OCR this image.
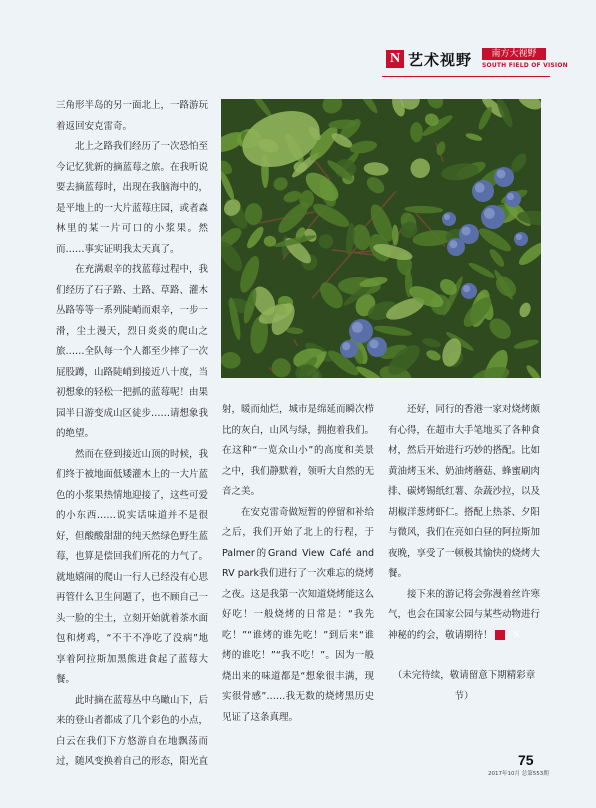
N 艺术视野	南方大视野
SOUTH FIELD OF VISION

三角形半岛的另一面北上，一路游玩着返回安克雷奇。

北上之路我们经历了一次恐怕至今记忆犹新的摘蓝莓之旅。在我听说要去摘蓝莓时，出现在我脑海中的，是平地上的一大片蓝莓庄园，或者森林里的某一片可口的小浆果。然而……事实证明我太天真了。

在充满艰辛的找蓝莓过程中，我们经历了石子路、土路、草路、灌木丛路等等一系列陡峭而艰辛，一步一滑，尘土漫天，烈日炎炎的爬山之旅……全队每一个人都至少摔了一次屁股蹲，山路陡峭到接近八十度，当初想象的轻松一把抓的蓝莓呢！由果园半日游变成山区徒步……请想象我的绝望。

然而在登到接近山顶的时候，我们终于被地面低矮灌木上的一大片蓝色的小浆果热情地迎接了，这些可爱的小东西……说实话味道并不是很好，但酸酸甜甜的纯天然绿色野生蓝莓，也算是偿回我们所花的力气了。就地嬉闹的爬山一行人已经没有心思再管什么卫生问题了，也不顾自己一头一脸的尘土，立刻开始就着茶水面包和烤鸡，“不干不净吃了没病”地享着阿拉斯加黑熊进食起了蓝莓大餐。

此时摘在蓝莓丛中乌瞰山下，后来的登山者都成了几个彩色的小点，白云在我们下方悠游自在地飘荡而过，随风变换着自己的形态，阳光直

射，暖而灿烂，城市是绵延而瞬次栉比的灰白，山风与绿，拥抱着我们。在这种“一览众山小”的高度和美景之中，我们静默着，领听大自然的无音之美。

在安克雷奇做短暂的停留和补给之后，我们开始了北上的行程，于Palmer的Grand View Café and RV park我们进行了一次难忘的烧烤之夜。这是我第一次知道烧烤能这么好吃！一般烧烤的日常是：“我先吃！”“谁烤的谁先吃！”到后来“谁烤的谁吃！”“我不吃！”。因为一般烧出来的味道都是“想象很丰满，现实很骨感”……我无数的烧烤黑历史见证了这条真理。

还好，同行的香港一家对烧烤颇有心得，在超市大手笔地买了各种食材，然后开始进行巧妙的搭配。比如黄油烤玉米、奶油烤蘑菇、蜂蜜刷肉排、碳烤锡纸红薯、杂蔬沙拉，以及胡椒洋葱烤虾仁。搭配上热茶、夕阳与微风，我们在亮如白昼的阿拉斯加夜晚，享受了一顿极其愉快的烧烤大餐。

接下来的游记将会弥漫着丝许寒气，也会在国家公园与某些动物进行神秘的约会，敬请期待！	N

（未完待续，敬请留意下期精彩章节）

75
2017年10月 总第553期
